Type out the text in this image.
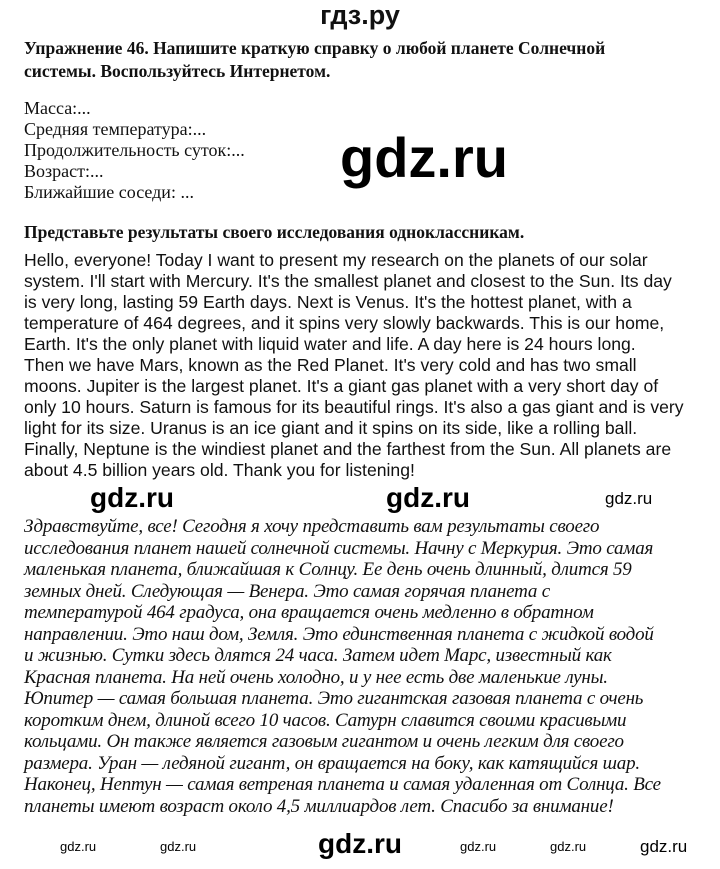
гдз.ру
Упражнение 46. Напишите краткую справку о любой планете Солнечной
системы. Воспользуйтесь Интернетом.
Масса:...
Средняя температура:...
Продолжительность суток:...
Возраст:...
Ближайшие соседи: ...
Представьте результаты своего исследования одноклассникам.
Hello, everyone! Today I want to present my research on the planets of our solar
system. I'll start with Mercury. It's the smallest planet and closest to the Sun. Its day
is very long, lasting 59 Earth days. Next is Venus. It's the hottest planet, with a
temperature of 464 degrees, and it spins very slowly backwards. This is our home,
Earth. It's the only planet with liquid water and life. A day here is 24 hours long.
Then we have Mars, known as the Red Planet. It's very cold and has two small
moons. Jupiter is the largest planet. It's a giant gas planet with a very short day of
only 10 hours. Saturn is famous for its beautiful rings. It's also a gas giant and is very
light for its size. Uranus is an ice giant and it spins on its side, like a rolling ball.
Finally, Neptune is the windiest planet and the farthest from the Sun. All planets are
about 4.5 billion years old. Thank you for listening!
Здравствуйте, все! Сегодня я хочу представить вам результаты своего
исследования планет нашей солнечной системы. Начну с Меркурия. Это самая
маленькая планета, ближайшая к Солнцу. Ее день очень длинный, длится 59
земных дней. Следующая — Венера. Это самая горячая планета с
температурой 464 градуса, она вращается очень медленно в обратном
направлении. Это наш дом, Земля. Это единственная планета с жидкой водой
и жизнью. Сутки здесь длятся 24 часа. Затем идет Марс, известный как
Красная планета. На ней очень холодно, и у нее есть две маленькие луны.
Юпитер — самая большая планета. Это гигантская газовая планета с очень
коротким днем, длиной всего 10 часов. Сатурн славится своими красивыми
кольцами. Он также является газовым гигантом и очень легким для своего
размера. Уран — ледяной гигант, он вращается на боку, как катящийся шар.
Наконец, Нептун — самая ветреная планета и самая удаленная от Солнца. Все
планеты имеют возраст около 4,5 миллиардов лет. Спасибо за внимание!
gdz.ru
gdz.ru	gdz.ru	gdz.ru
gdz.ru
gdz.ru	gdz.ru	gdz.ru	gdz.ru
gdz.ru
